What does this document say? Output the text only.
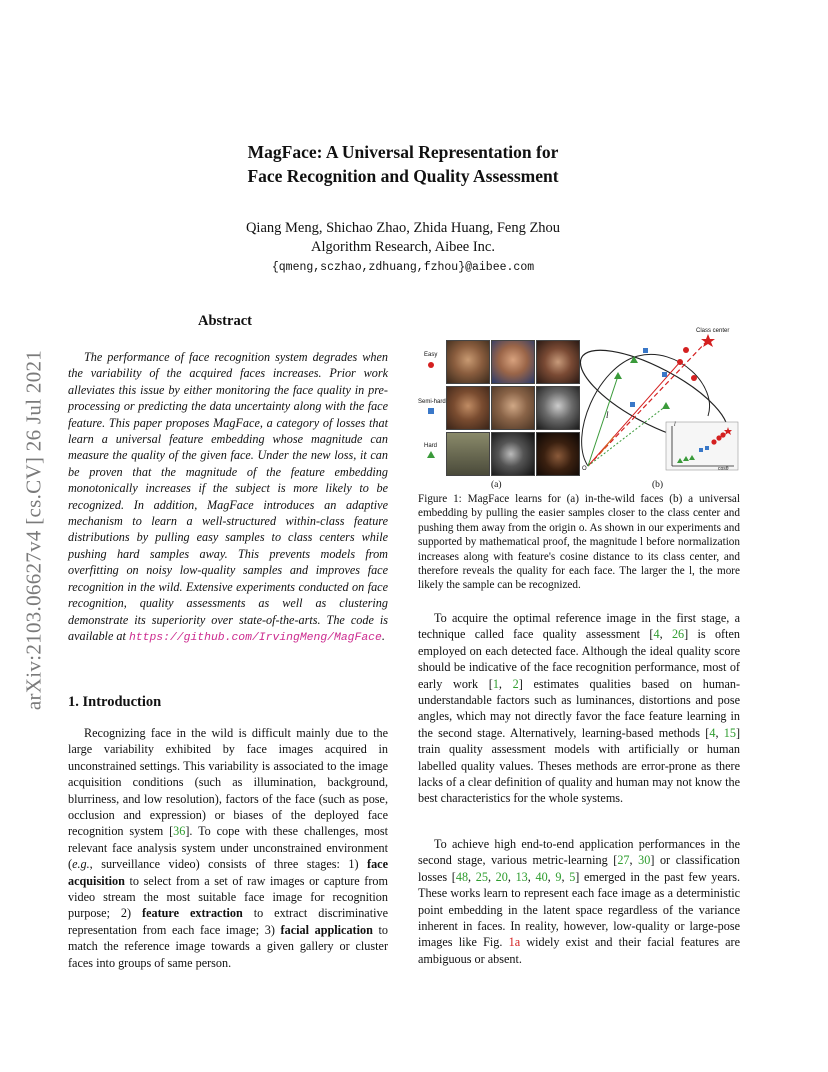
arXiv:2103.06627v4 [cs.CV] 26 Jul 2021
MagFace: A Universal Representation for
Face Recognition and Quality Assessment
Qiang Meng, Shichao Zhao, Zhida Huang, Feng Zhou
Algorithm Research, Aibee Inc.
{qmeng,sczhao,zdhuang,fzhou}@aibee.com
Abstract

The performance of face recognition system degrades when the variability of the acquired faces increases. Prior work alleviates this issue by either monitoring the face quality in pre-processing or predicting the data uncertainty along with the face feature. This paper proposes MagFace, a category of losses that learn a universal feature embedding whose magnitude can measure the quality of the given face. Under the new loss, it can be proven that the magnitude of the feature embedding monotonically increases if the subject is more likely to be recognized. In addition, MagFace introduces an adaptive mechanism to learn a well-structured within-class feature distributions by pulling easy samples to class centers while pushing hard samples away. This prevents models from overfitting on noisy low-quality samples and improves face recognition in the wild. Extensive experiments conducted on face recognition, quality assessments as well as clustering demonstrate its superiority over state-of-the-arts. The code is available at https://github.com/IrvingMeng/MagFace.

1. Introduction

Recognizing face in the wild is difficult mainly due to the large variability exhibited by face images acquired in unconstrained settings. This variability is associated to the image acquisition conditions (such as illumination, background, blurriness, and low resolution), factors of the face (such as pose, occlusion and expression) or biases of the deployed face recognition system [36]. To cope with these challenges, most relevant face analysis system under unconstrained environment (e.g., surveillance video) consists of three stages: 1) face acquisition to select from a set of raw images or capture from video stream the most suitable face image for recognition purpose; 2) feature extraction to extract discriminative representation from each face image; 3) facial application to match the reference image towards a given gallery or cluster faces into groups of same person.

Easy
Semi-hard
Hard
Class center
O
l
l
cosθ
(a)	(b)
Figure 1: MagFace learns for (a) in-the-wild faces (b) a universal embedding by pulling the easier samples closer to the class center and pushing them away from the origin o. As shown in our experiments and supported by mathematical proof, the magnitude l before normalization increases along with feature's cosine distance to its class center, and therefore reveals the quality for each face. The larger the l, the more likely the sample can be recognized.

To acquire the optimal reference image in the first stage, a technique called face quality assessment [4, 26] is often employed on each detected face. Although the ideal quality score should be indicative of the face recognition performance, most of early work [1, 2] estimates qualities based on human-understandable factors such as luminances, distortions and pose angles, which may not directly favor the face feature learning in the second stage. Alternatively, learning-based methods [4, 15] train quality assessment models with artificially or human labelled quality values. Theses methods are error-prone as there lacks of a clear definition of quality and human may not know the best characteristics for the whole systems.

To achieve high end-to-end application performances in the second stage, various metric-learning [27, 30] or classification losses [48, 25, 20, 13, 40, 9, 5] emerged in the past few years. These works learn to represent each face image as a deterministic point embedding in the latent space regardless of the variance inherent in faces. In reality, however, low-quality or large-pose images like Fig. 1a widely exist and their facial features are ambiguous or absent.
